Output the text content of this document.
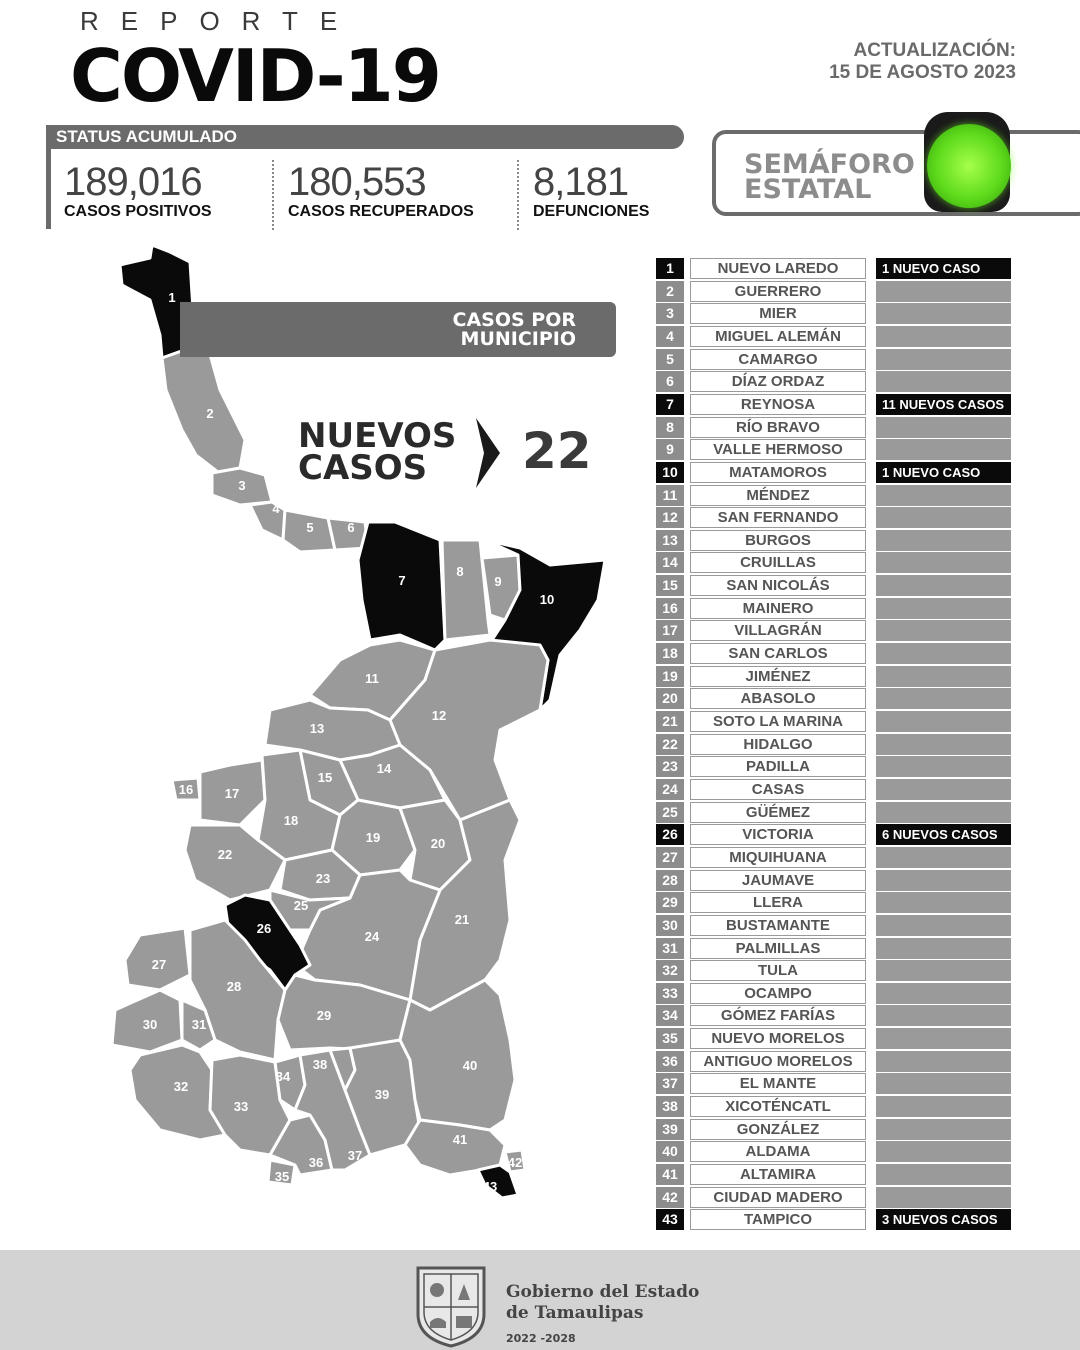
REPORTE
COVID-19	ACTUALIZACIÓN:
15 DE AGOSTO 2023
STATUS ACUMULADO
189,016
CASOS POSITIVOS
180,553
CASOS RECUPERADOS
8,181
DEFUNCIONES
SEMÁFORO
ESTATAL
1
2
3
4
5	6
7
8
9
10
11
12
13
14
15
16 17
18
19	20
21
22
23
24
25
26
27
28
29
30	31
32
33
34
35
36 37
38
39
40
41
42
43
CASOS POR
MUNICIPIO
NUEVOS
CASOS	22
1	NUEVO LAREDO	1 NUEVO CASO
2	GUERRERO
3	MIER
4	MIGUEL ALEMÁN
5	CAMARGO
6	DÍAZ ORDAZ
7	REYNOSA	11 NUEVOS CASOS
8	RÍO BRAVO
9	VALLE HERMOSO
10	MATAMOROS	1 NUEVO CASO
11	MÉNDEZ
12	SAN FERNANDO
13	BURGOS
14	CRUILLAS
15	SAN NICOLÁS
16	MAINERO
17	VILLAGRÁN
18	SAN CARLOS
19	JIMÉNEZ
20	ABASOLO
21	SOTO LA MARINA
22	HIDALGO
23	PADILLA
24	CASAS
25	GÜÉMEZ
26	VICTORIA	6 NUEVOS CASOS
27	MIQUIHUANA
28	JAUMAVE
29	LLERA
30	BUSTAMANTE
31	PALMILLAS
32	TULA
33	OCAMPO
34	GÓMEZ FARÍAS
35	NUEVO MORELOS
36	ANTIGUO MORELOS
37	EL MANTE
38	XICOTÉNCATL
39	GONZÁLEZ
40	ALDAMA
41	ALTAMIRA
42	CIUDAD MADERO
43	TAMPICO	3 NUEVOS CASOS
Gobierno del Estado
de Tamaulipas
2022 -2028
